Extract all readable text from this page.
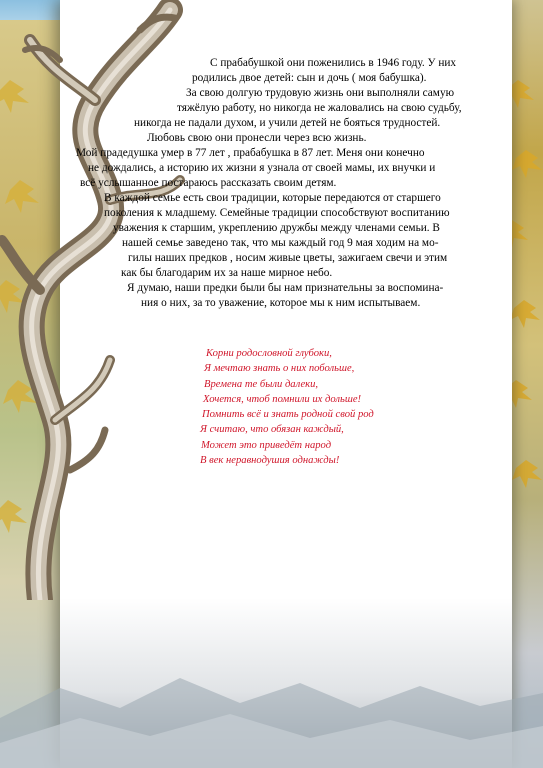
С прабабушкой они поженились в 1946 году. У них
родились двое детей: сын и дочь ( моя бабушка).
За свою долгую трудовую жизнь они выполняли самую
тяжёлую работу, но никогда не жаловались на свою судьбу,
никогда не падали духом, и учили детей не бояться трудностей.
Любовь свою они пронесли через всю жизнь.
Мой прадедушка умер в 77 лет , прабабушка в 87 лет. Меня они конечно
не дождались, а историю их жизни я узнала от своей мамы, их внучки и
всё услышанное постараюсь рассказать своим детям.
В каждой семье есть свои традиции, которые передаются от старшего
поколения к младшему. Семейные традиции способствуют воспитанию
уважения к старшим, укреплению дружбы между членами семьи. В
нашей семье заведено так, что мы каждый год 9 мая ходим на мо-
гилы наших предков , носим живые цветы, зажигаем свечи и этим
как бы благодарим их за наше мирное небо.
Я думаю, наши предки были бы нам признательны за воспомина-
ния о них, за то уважение, которое мы к ним испытываем.
Корни родословной глубоки,
Я мечтаю знать о них побольше,
Времена те были далеки,
Хочется, чтоб помнили их дольше!
Помнить всё и знать родной свой род
Я считаю, что обязан каждый,
Может это приведёт народ
В век неравнодушия однажды!
